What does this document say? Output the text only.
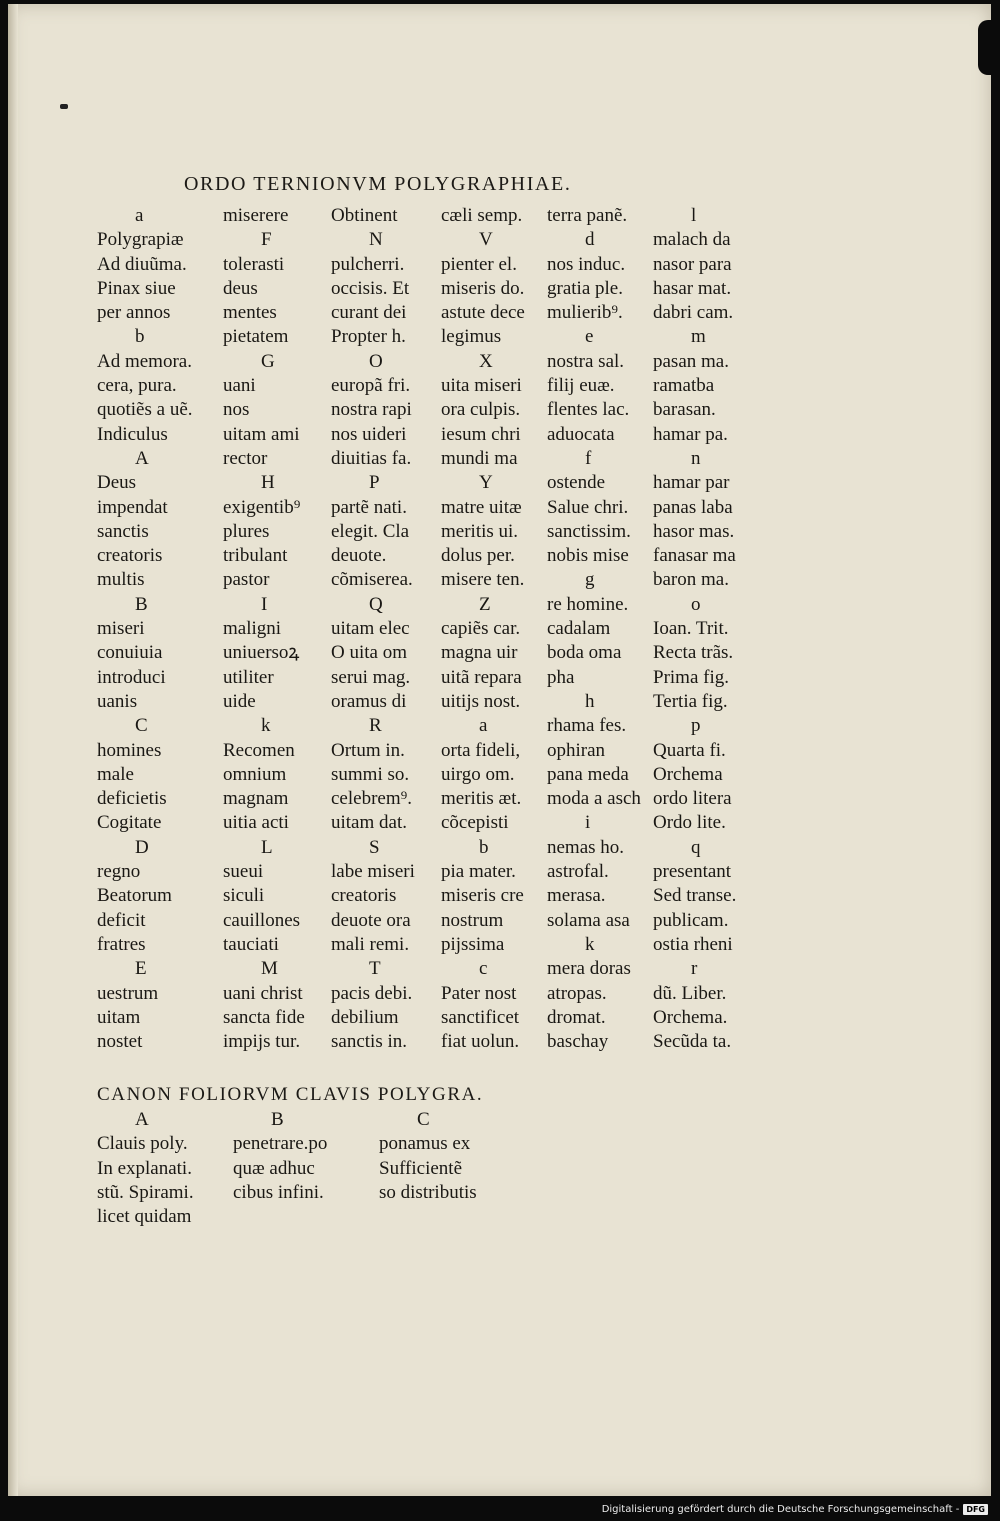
ORDO TERNIONVM POLYGRAPHIAE.
a
Polygrapiæ
Ad diuũma.
Pinax siue
per annos
b
Ad memora.
cera, pura.
quotiẽs a uẽ.
Indiculus
A
Deus
impendat
sanctis
creatoris
multis
B
miseri
conuiuia
introduci
uanis
C
homines
male
deficietis
Cogitate
D
regno
Beatorum
deficit
fratres
E
uestrum
uitam
nostet
miserere
F
tolerasti
deus
mentes
pietatem
G
uani
nos
uitam ami
rector
H
exigentib⁹
plures
tribulant
pastor
I
maligni
uniuersoꝝ
utiliter
uide
k
Recomen
omnium
magnam
uitia acti
L
sueui
siculi
cauillones
tauciati
M
uani christ
sancta fide
impijs tur.
Obtinent
N
pulcherri.
occisis. Et
curant dei
Propter h.
O
europã fri.
nostra rapi
nos uideri
diuitias fa.
P
partẽ nati.
elegit. Cla
deuote.
cõmiserea.
Q
uitam elec
O uita om
serui mag.
oramus di
R
Ortum in.
summi so.
celebrem⁹.
uitam dat.
S
labe miseri
creatoris
deuote ora
mali remi.
T
pacis debi.
debilium
sanctis in.
cæli semp.
V
pienter el.
miseris do.
astute dece
legimus
X
uita miseri
ora culpis.
iesum chri
mundi ma
Y
matre uitæ
meritis ui.
dolus per.
misere ten.
Z
capiẽs car.
magna uir
uitã repara
uitijs nost.
a
orta fideli,
uirgo om.
meritis æt.
cõcepisti
b
pia mater.
miseris cre
nostrum
pijssima
c
Pater nost
sanctificet
fiat uolun.
terra panẽ.
d
nos induc.
gratia ple.
mulierib⁹.
e
nostra sal.
filij euæ.
flentes lac.
aduocata
f
ostende
Salue chri.
sanctissim.
nobis mise
g
re homine.
cadalam
boda oma
pha
h
rhama fes.
ophiran
pana meda
moda a asch
i
nemas ho.
astrofal.
merasa.
solama asa
k
mera doras
atropas.
dromat.
baschay
l
malach da
nasor para
hasar mat.
dabri cam.
m
pasan ma.
ramatba
barasan.
hamar pa.
n
hamar par
panas laba
hasor mas.
fanasar ma
baron ma.
o
Ioan. Trit.
Recta trãs.
Prima fig.
Tertia fig.
p
Quarta fi.
Orchema
ordo litera
Ordo lite.
q
presentant
Sed transe.
publicam.
ostia rheni
r
dũ. Liber.
Orchema.
Secũda ta.
CANON FOLIORVM CLAVIS POLYGRA.
A
Clauis poly.
In explanati.
stũ. Spirami.
licet quidam
B
penetrare.po
quæ adhuc
cibus infini.
C
ponamus ex
Sufficientẽ
so distributis
Digitalisierung gefördert durch die Deutsche Forschungsgemeinschaft - DFG
